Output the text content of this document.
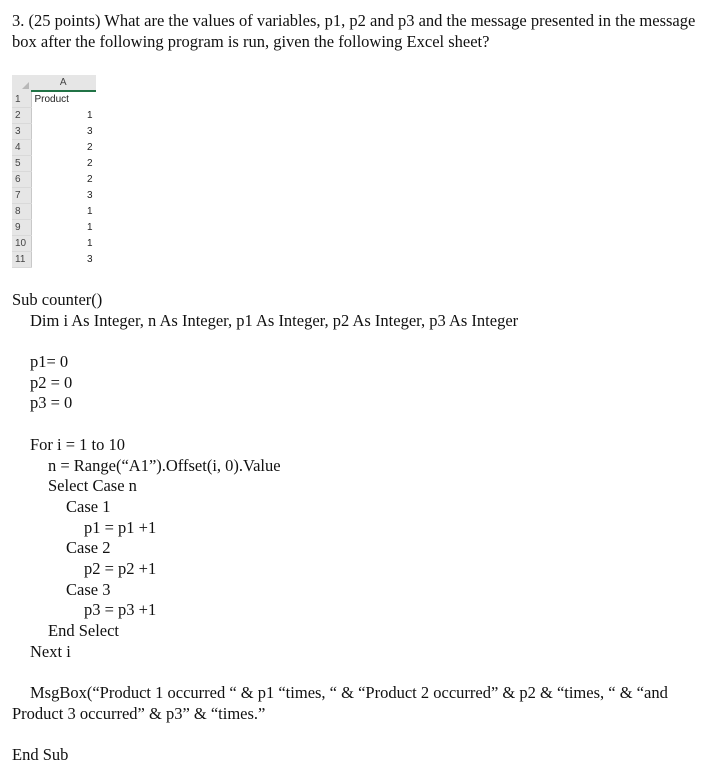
3. (25 points) What are the values of variables, p1, p2 and p3 and the message presented in the message box after the following program is run, given the following Excel sheet?

	A
1	Product
2	1
3	3
4	2
5	2
6	2
7	3
8	1
9	1
10	1
11	3
Sub counter()
Dim i As Integer, n As Integer, p1 As Integer, p2 As Integer, p3 As Integer
p1= 0
p2 = 0
p3 = 0
For i = 1 to 10
n = Range(“A1”).Offset(i, 0).Value
Select Case n
Case 1
p1 = p1 +1
Case 2
p2 = p2 +1
Case 3
p3 = p3 +1
End Select
Next i
MsgBox(“Product 1 occurred “ & p1 “times, “ & “Product 2 occurred” & p2 & “times, “ & “and Product 3 occurred” & p3” & “times.”
End Sub
